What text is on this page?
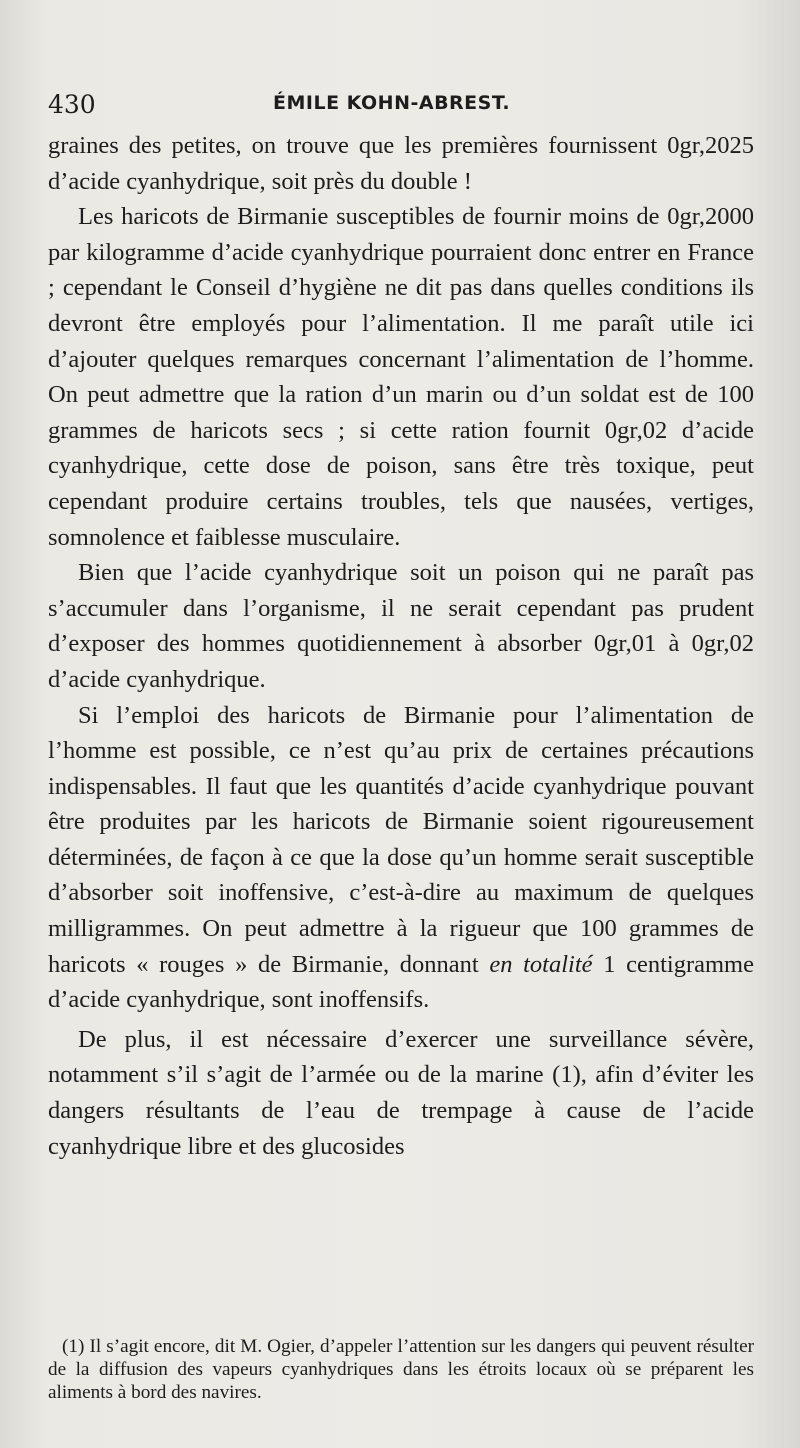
430	ÉMILE KOHN-ABREST.

graines des petites, on trouve que les premières fournissent 0gr,2025 d’acide cyanhydrique, soit près du double !

Les haricots de Birmanie susceptibles de fournir moins de 0gr,2000 par kilogramme d’acide cyanhydrique pourraient donc entrer en France ; cependant le Conseil d’hygiène ne dit pas dans quelles conditions ils devront être employés pour l’alimentation. Il me paraît utile ici d’ajouter quelques remarques concernant l’alimentation de l’homme. On peut admettre que la ration d’un marin ou d’un soldat est de 100 grammes de haricots secs ; si cette ration fournit 0gr,02 d’acide cyanhydrique, cette dose de poison, sans être très toxique, peut cependant produire certains troubles, tels que nausées, vertiges, somnolence et faiblesse musculaire.

Bien que l’acide cyanhydrique soit un poison qui ne paraît pas s’accumuler dans l’organisme, il ne serait cependant pas prudent d’exposer des hommes quotidiennement à absorber 0gr,01 à 0gr,02 d’acide cyanhydrique.

Si l’emploi des haricots de Birmanie pour l’alimentation de l’homme est possible, ce n’est qu’au prix de certaines précautions indispensables. Il faut que les quantités d’acide cyanhydrique pouvant être produites par les haricots de Birmanie soient rigoureusement déterminées, de façon à ce que la dose qu’un homme serait susceptible d’absorber soit inoffensive, c’est-à-dire au maximum de quelques milligrammes. On peut admettre à la rigueur que 100 grammes de haricots « rouges » de Birmanie, donnant en totalité 1 centigramme d’acide cyanhydrique, sont inoffensifs.

De plus, il est nécessaire d’exercer une surveillance sévère, notamment s’il s’agit de l’armée ou de la marine (1), afin d’éviter les dangers résultants de l’eau de trempage à cause de l’acide cyanhydrique libre et des glucosides

(1) Il s’agit encore, dit M. Ogier, d’appeler l’attention sur les dangers qui peuvent résulter de la diffusion des vapeurs cyanhydriques dans les étroits locaux où se préparent les aliments à bord des navires.
